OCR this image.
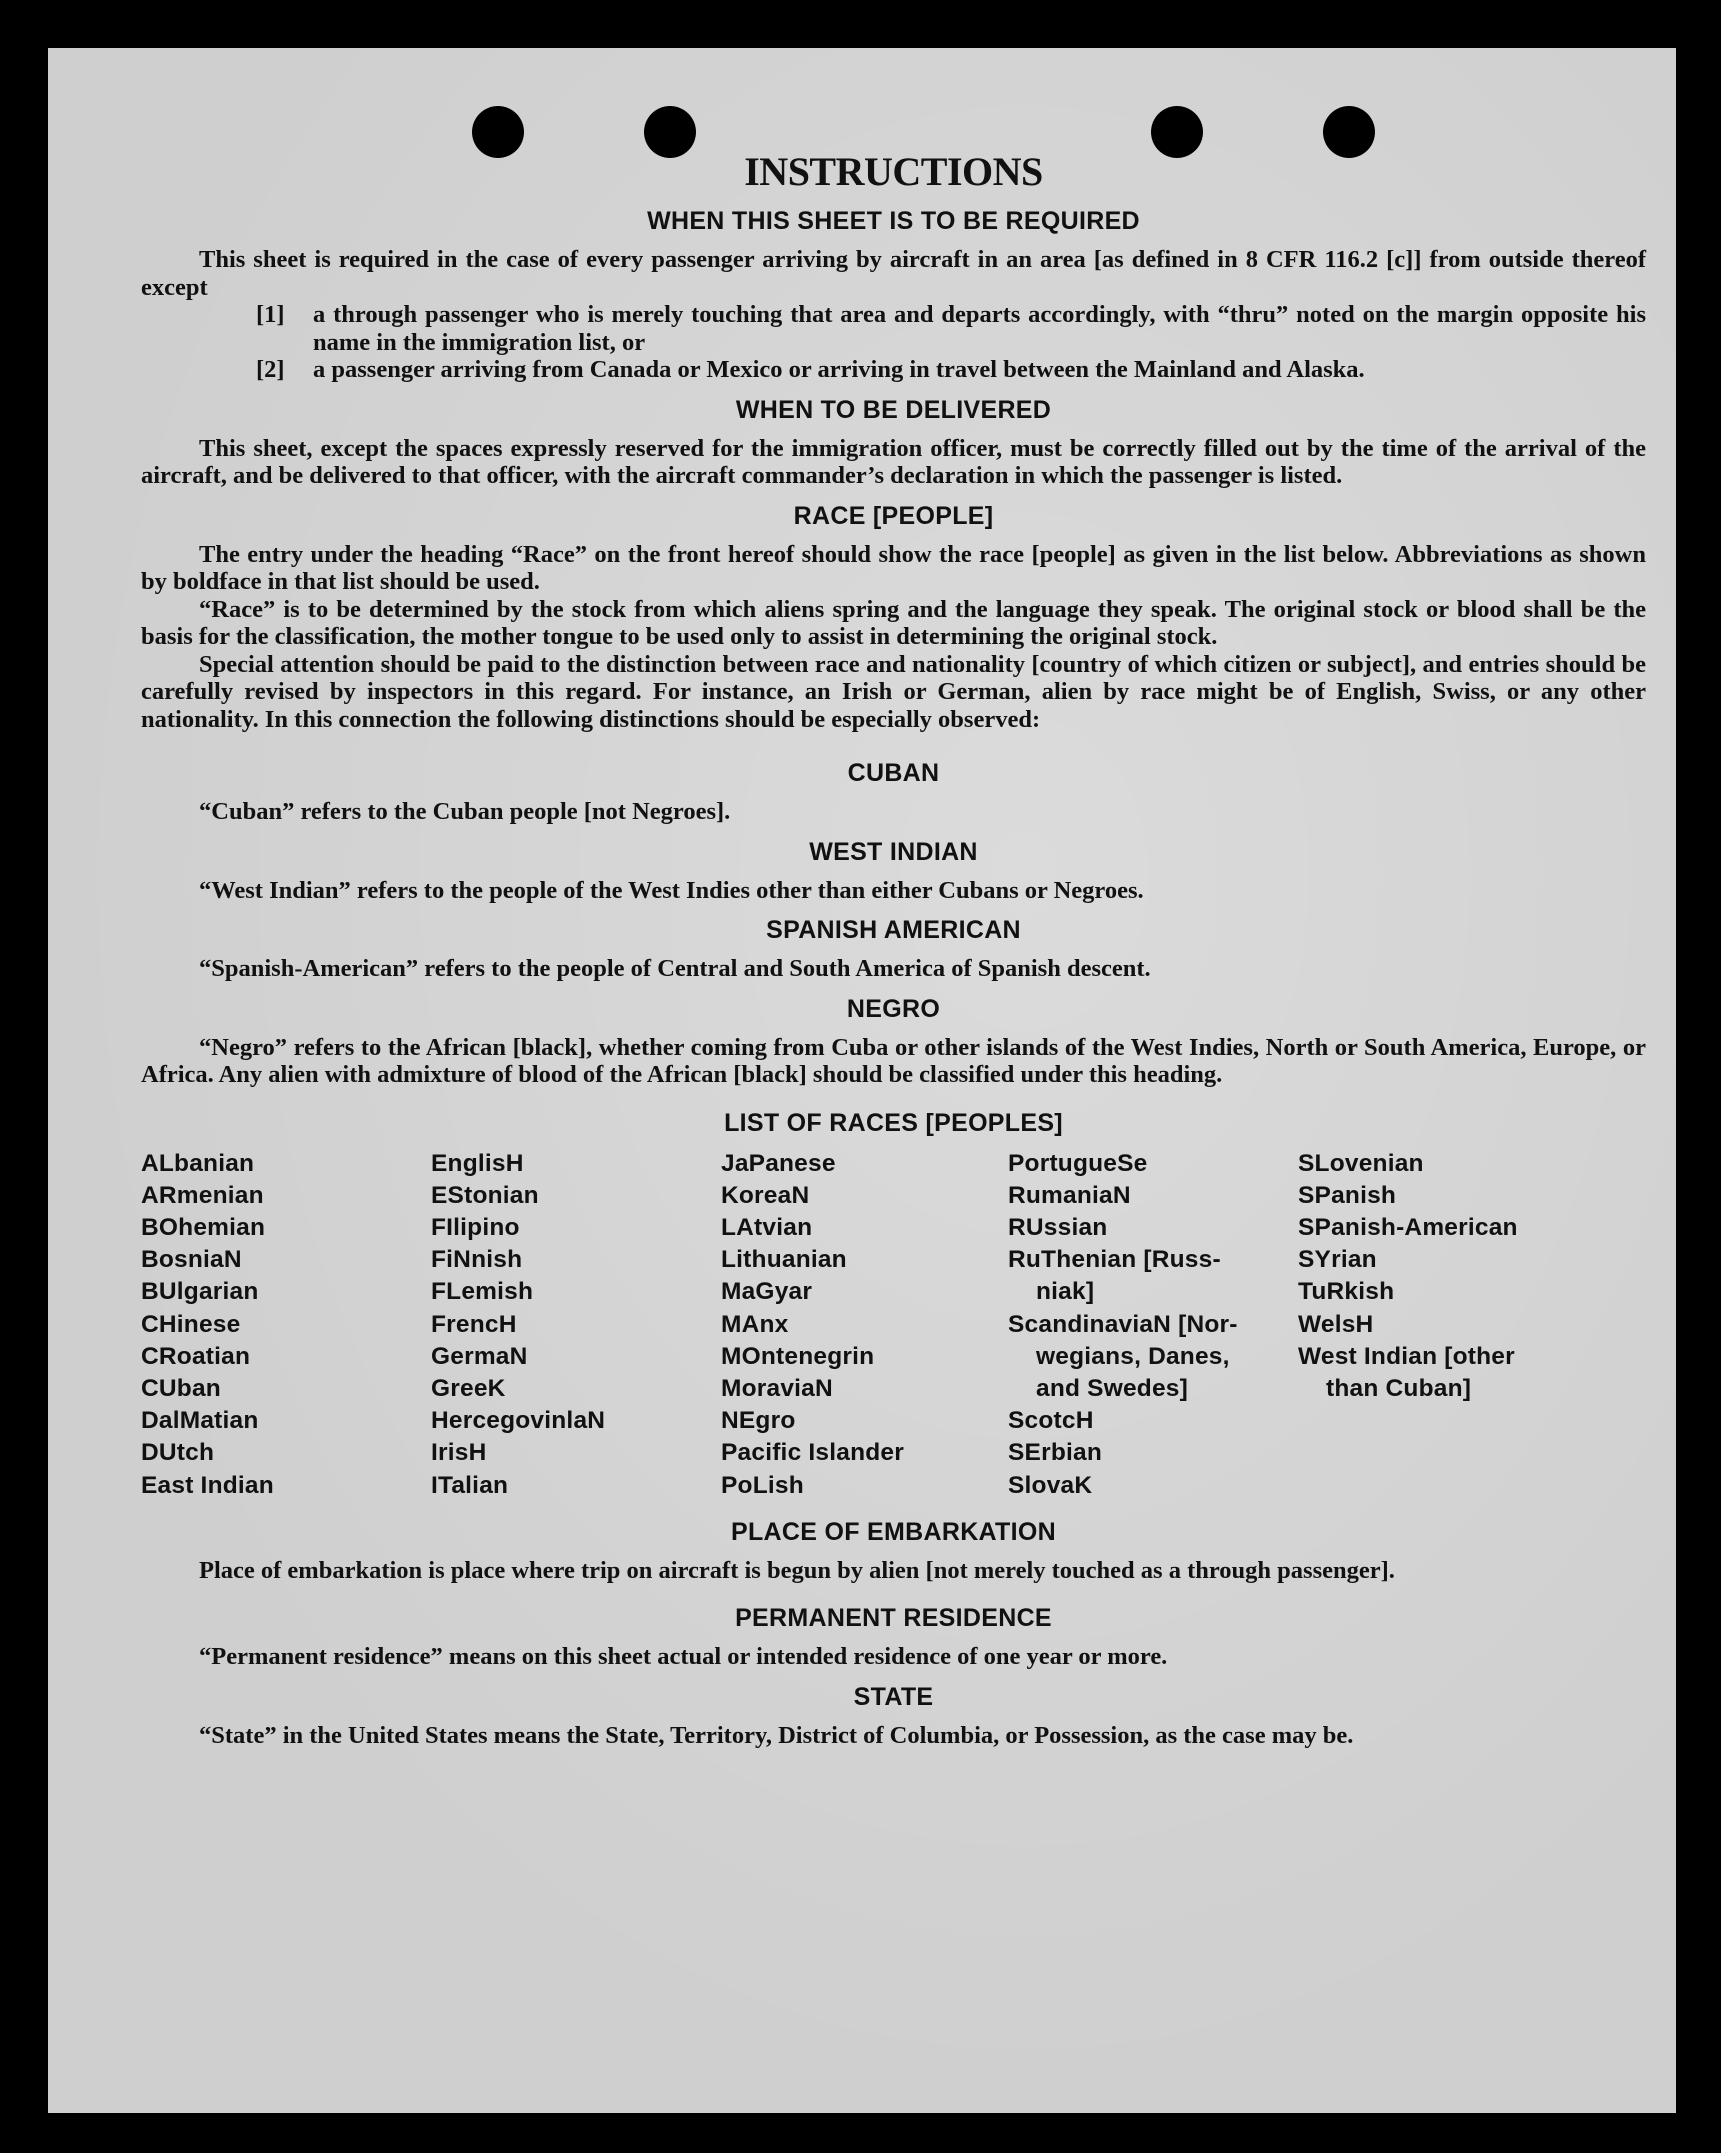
INSTRUCTIONS
WHEN THIS SHEET IS TO BE REQUIRED

This sheet is required in the case of every passenger arriving by aircraft in an area [as defined in 8 CFR 116.2 [c]] from outside thereof except

[1]	a through passenger who is merely touching that area and departs accordingly, with “thru” noted on the margin opposite his name in the immigration list, or

[2]	a passenger arriving from Canada or Mexico or arriving in travel between the Mainland and Alaska.

WHEN TO BE DELIVERED

This sheet, except the spaces expressly reserved for the immigration officer, must be correctly filled out by the time of the arrival of the aircraft, and be delivered to that officer, with the aircraft commander’s declaration in which the passenger is listed.

RACE [PEOPLE]

The entry under the heading “Race” on the front hereof should show the race [people] as given in the list below. Abbreviations as shown by boldface in that list should be used.

“Race” is to be determined by the stock from which aliens spring and the language they speak. The original stock or blood shall be the basis for the classification, the mother tongue to be used only to assist in determining the original stock.

Special attention should be paid to the distinction between race and nationality [country of which citizen or subject], and entries should be carefully revised by inspectors in this regard. For instance, an Irish or German, alien by race might be of English, Swiss, or any other nationality. In this connection the following distinctions should be especially observed:

CUBAN

“Cuban” refers to the Cuban people [not Negroes].

WEST INDIAN

“West Indian” refers to the people of the West Indies other than either Cubans or Negroes.

SPANISH AMERICAN

“Spanish-American” refers to the people of Central and South America of Spanish descent.

NEGRO

“Negro” refers to the African [black], whether coming from Cuba or other islands of the West Indies, North or South America, Europe, or Africa. Any alien with admixture of blood of the African [black] should be classified under this heading.

LIST OF RACES [PEOPLES]
ALbanian
ARmenian
BOhemian
BosniaN
BUlgarian
CHinese
CRoatian
CUban
DalMatian
DUtch
East Indian
EnglisH
EStonian
FIlipino
FiNnish
FLemish
FrencH
GermaN
GreeK
HercegovinlaN
IrisH
ITalian
JaPanese
KoreaN
LAtvian
Lithuanian
MaGyar
MAnx
MOntenegrin
MoraviaN
NEgro
Pacific Islander
PoLish
PortugueSe
RumaniaN
RUssian
RuThenian [Russ-
niak]
ScandinaviaN [Nor-
wegians, Danes,
and Swedes]
ScotcH
SErbian
SlovaK
SLovenian
SPanish
SPanish-American
SYrian
TuRkish
WelsH
West Indian [other
than Cuban]
PLACE OF EMBARKATION

Place of embarkation is place where trip on aircraft is begun by alien [not merely touched as a through passenger].

PERMANENT RESIDENCE

“Permanent residence” means on this sheet actual or intended residence of one year or more.

STATE

“State” in the United States means the State, Territory, District of Columbia, or Possession, as the case may be.
